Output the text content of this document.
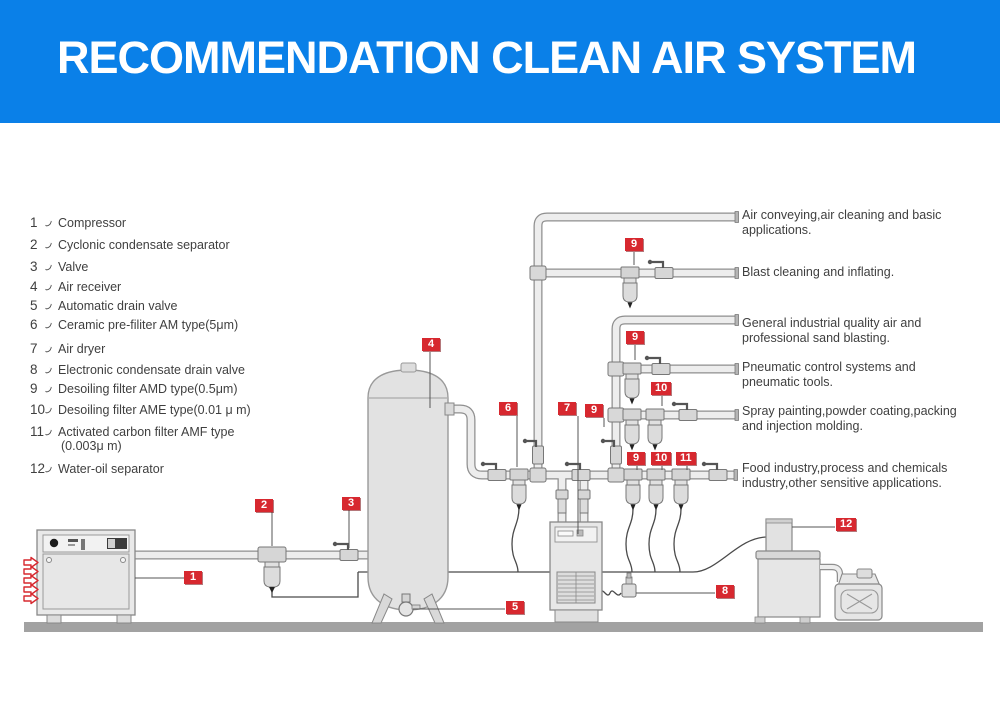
RECOMMENDATION CLEAN AIR SYSTEM
1 Compressor
2 Cyclonic condensate separator
3 Valve
4 Air receiver
5 Automatic drain valve
6 Ceramic pre-filiter AM type(5μm)
7 Air dryer
8 Electronic condensate drain valve
9 Desoiling filter AMD type(0.5μm)
10 Desoiling filter AME type(0.01 μ m)
11 Activated carbon filter AMF type
(0.003μ m)
12 Water-oil separator
Air conveying,air cleaning and basic
applications.
Blast cleaning and inflating.
General industrial quality air and
professional sand blasting.
Pneumatic control systems and
pneumatic tools.
Spray painting,powder coating,packing
and injection molding.
Food industry,process and chemicals
industry,other sensitive applications.
1
2	3
4
5
6	7	9
9
9
10
9	10	11
8
12
